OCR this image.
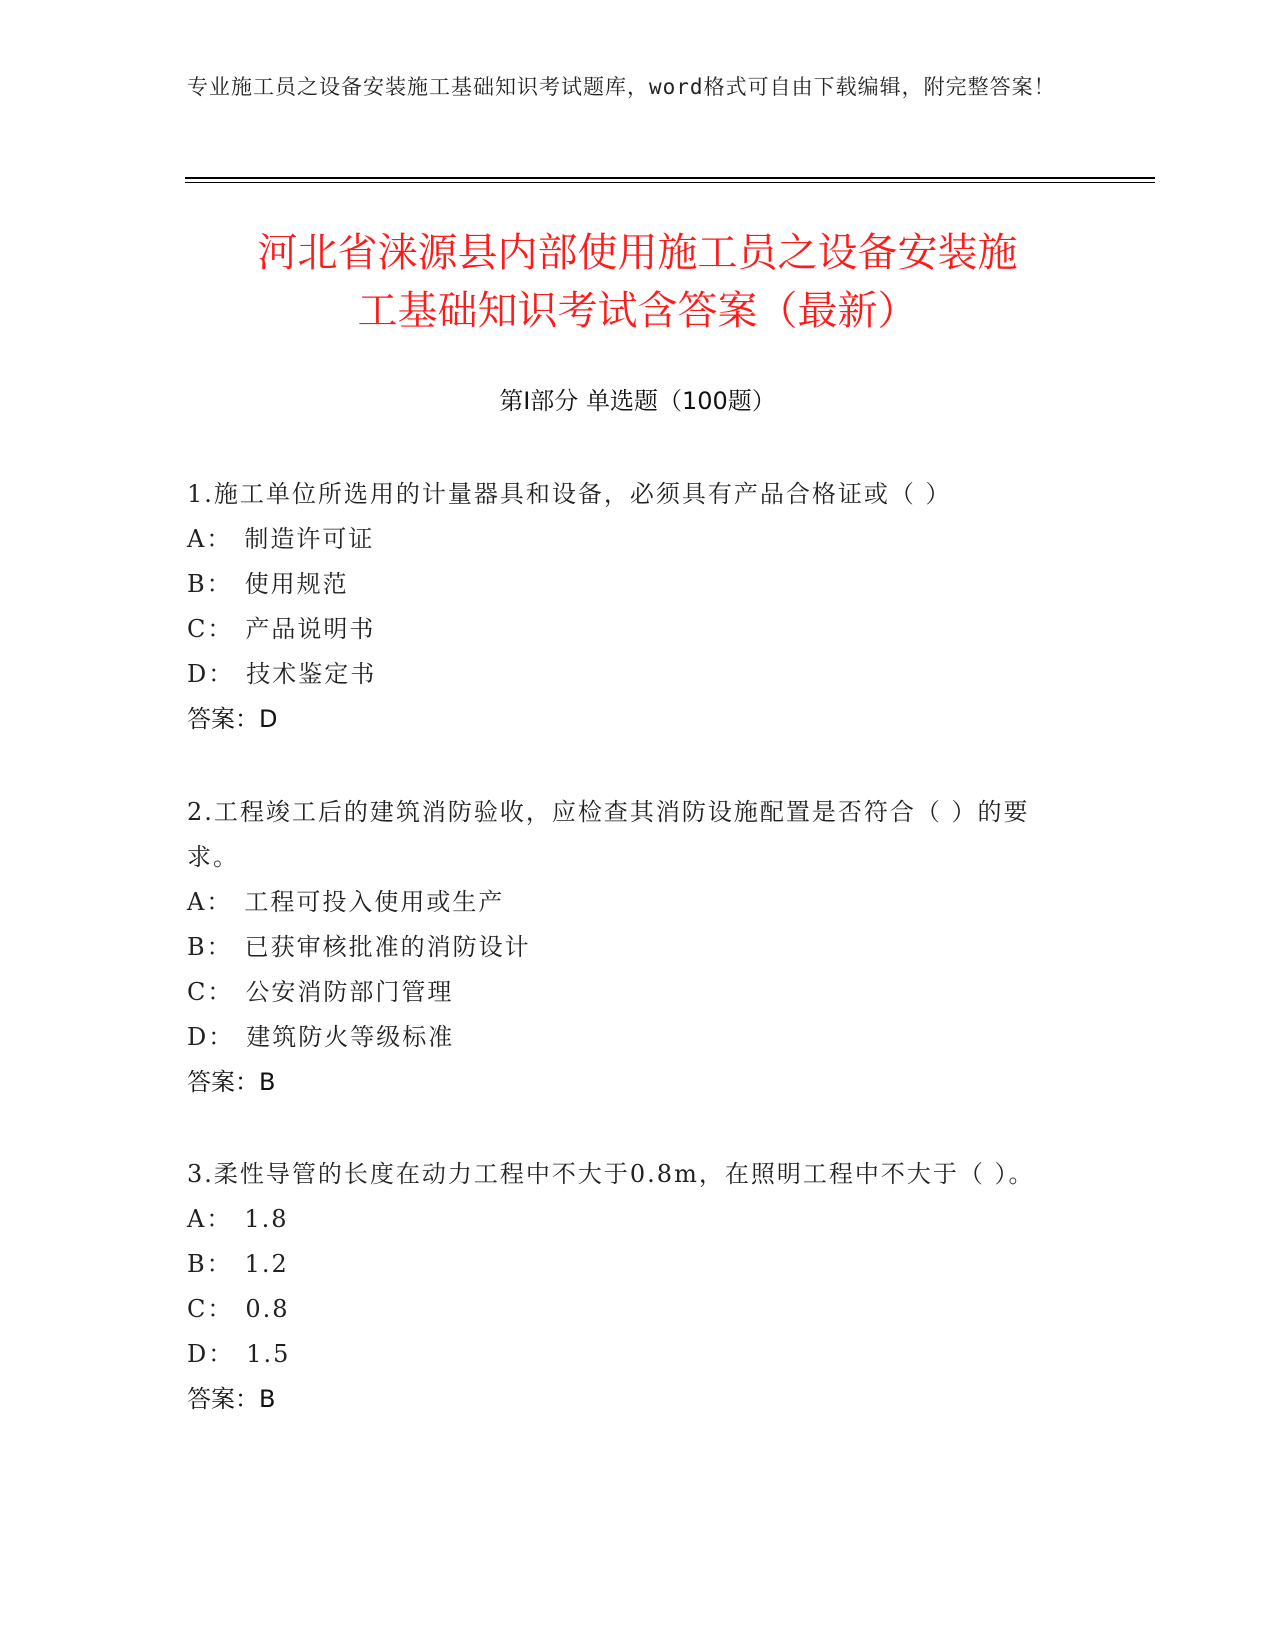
专业施工员之设备安装施工基础知识考试题库，word格式可自由下载编辑，附完整答案！
河北省涞源县内部使用施工员之设备安装施
工基础知识考试含答案（最新）
第Ⅰ部分 单选题（100题）
1.施工单位所选用的计量器具和设备，必须具有产品合格证或（ ）
A： 制造许可证
B： 使用规范
C： 产品说明书
D： 技术鉴定书
答案：D
2.工程竣工后的建筑消防验收，应检查其消防设施配置是否符合（ ）的要求。
A： 工程可投入使用或生产
B： 已获审核批准的消防设计
C： 公安消防部门管理
D： 建筑防火等级标准
答案：B
3.柔性导管的长度在动力工程中不大于0.8m，在照明工程中不大于（ ）。
A： 1.8
B： 1.2
C： 0.8
D： 1.5
答案：B
